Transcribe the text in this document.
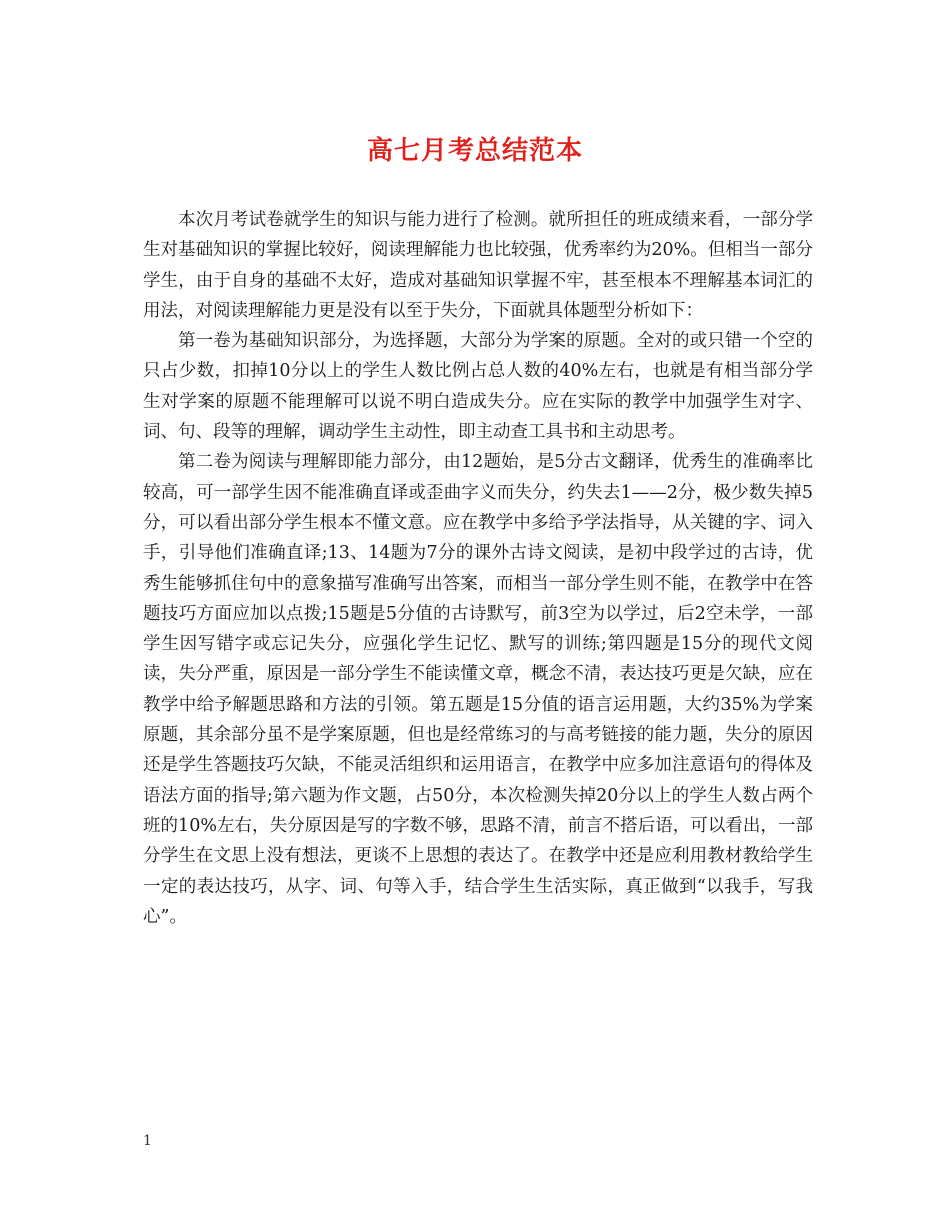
高七月考总结范本

本次月考试卷就学生的知识与能力进行了检测。就所担任的班成绩来看，一部分学生对基础知识的掌握比较好，阅读理解能力也比较强，优秀率约为20%。但相当一部分学生，由于自身的基础不太好，造成对基础知识掌握不牢，甚至根本不理解基本词汇的用法，对阅读理解能力更是没有以至于失分，下面就具体题型分析如下：

第一卷为基础知识部分，为选择题，大部分为学案的原题。全对的或只错一个空的只占少数，扣掉10分以上的学生人数比例占总人数的40%左右，也就是有相当部分学生对学案的原题不能理解可以说不明白造成失分。应在实际的教学中加强学生对字、词、句、段等的理解，调动学生主动性，即主动查工具书和主动思考。

第二卷为阅读与理解即能力部分，由12题始，是5分古文翻译，优秀生的准确率比较高，可一部学生因不能准确直译或歪曲字义而失分，约失去1——2分，极少数失掉5分，可以看出部分学生根本不懂文意。应在教学中多给予学法指导，从关键的字、词入手，引导他们准确直译;13、14题为7分的课外古诗文阅读，是初中段学过的古诗，优秀生能够抓住句中的意象描写准确写出答案，而相当一部分学生则不能，在教学中在答题技巧方面应加以点拨;15题是5分值的古诗默写，前3空为以学过，后2空未学，一部学生因写错字或忘记失分，应强化学生记忆、默写的训练;第四题是15分的现代文阅读，失分严重，原因是一部分学生不能读懂文章，概念不清，表达技巧更是欠缺，应在教学中给予解题思路和方法的引领。第五题是15分值的语言运用题，大约35%为学案原题，其余部分虽不是学案原题，但也是经常练习的与高考链接的能力题，失分的原因还是学生答题技巧欠缺，不能灵活组织和运用语言，在教学中应多加注意语句的得体及语法方面的指导;第六题为作文题，占50分，本次检测失掉20分以上的学生人数占两个班的10%左右，失分原因是写的字数不够，思路不清，前言不搭后语，可以看出，一部分学生在文思上没有想法，更谈不上思想的表达了。在教学中还是应利用教材教给学生一定的表达技巧，从字、词、句等入手，结合学生生活实际，真正做到“以我手，写我心”。

1
